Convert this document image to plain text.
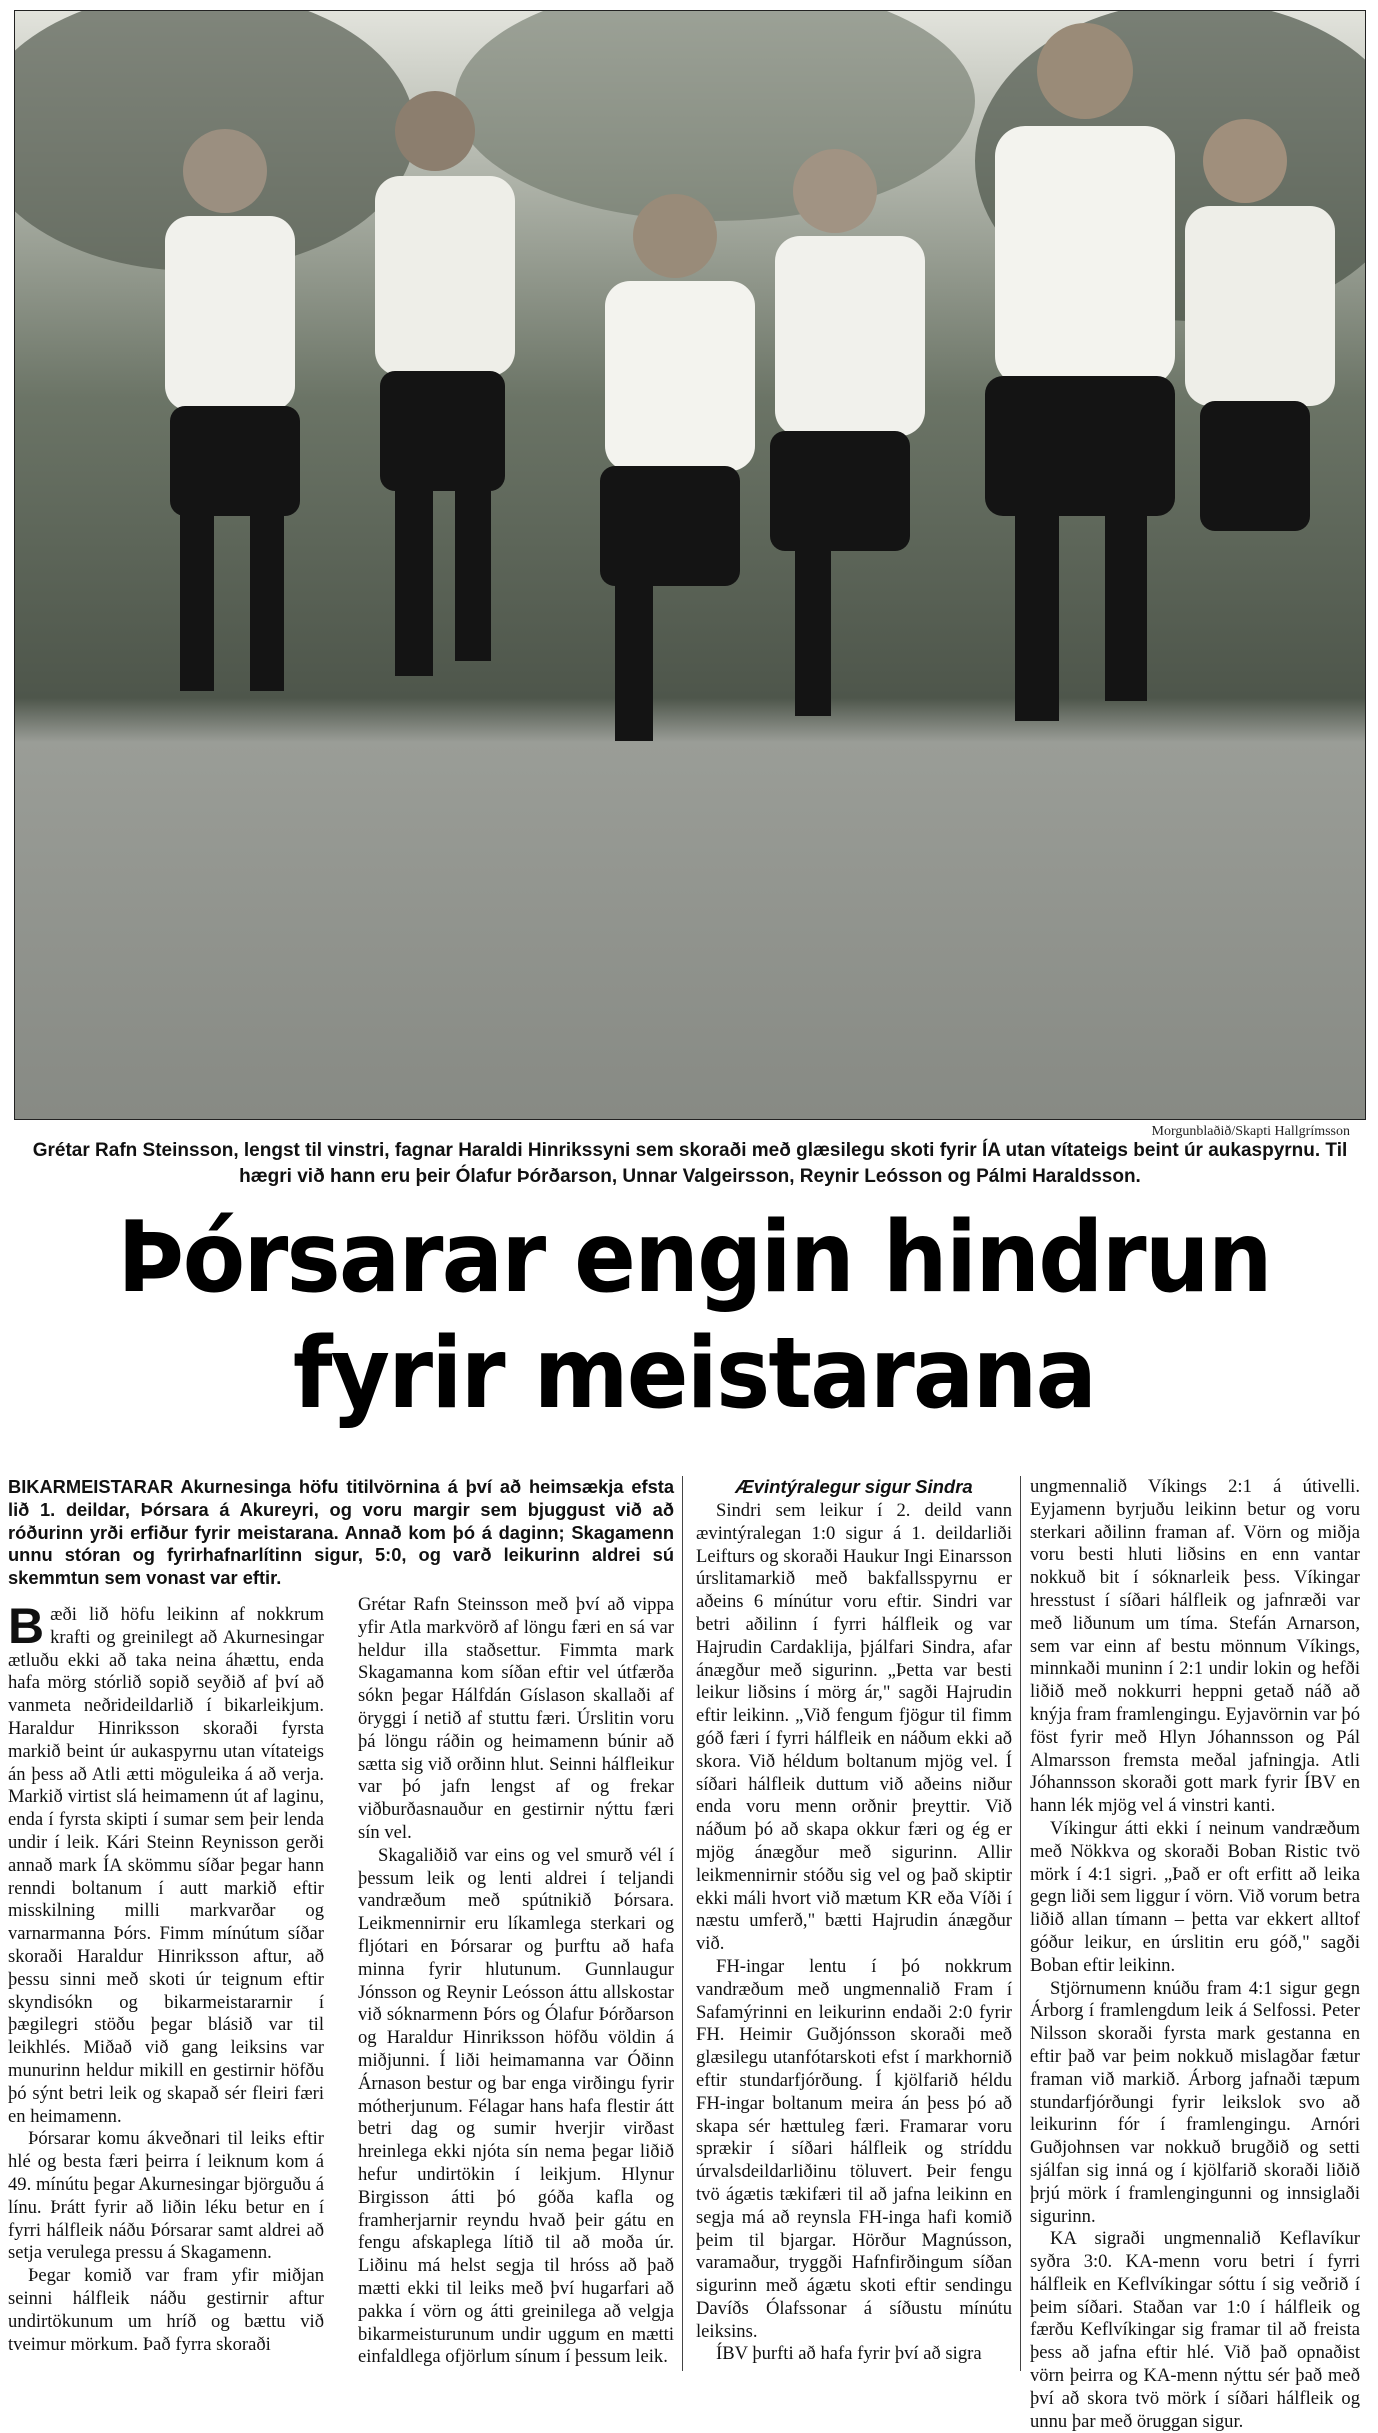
Morgunblaðið/Skapti Hallgrímsson
Grétar Rafn Steinsson, lengst til vinstri, fagnar Haraldi Hinrikssyni sem skoraði með glæsilegu skoti fyrir ÍA utan vítateigs beint úr aukaspyrnu. Til hægri við hann eru þeir Ólafur Þórðarson, Unnar Valgeirsson, Reynir Leósson og Pálmi Haraldsson.
Þórsarar engin hindrun fyrir meistarana
BIKARMEISTARAR Akurnesinga höfu titilvörnina á því að heimsækja efsta lið 1. deildar, Þórsara á Akureyri, og voru margir sem bjuggust við að róðurinn yrði erfiður fyrir meistarana. Annað kom þó á daginn; Skagamenn unnu stóran og fyrirhafnarlítinn sigur, 5:0, og varð leikurinn aldrei sú skemmtun sem vonast var eftir.

Bæði lið höfu leikinn af nokkrum krafti og greinilegt að Akurnesingar ætluðu ekki að taka neina áhættu, enda hafa mörg stórlið sopið seyðið af því að vanmeta neðrideildarlið í bikarleikjum. Haraldur Hinriksson skoraði fyrsta markið beint úr aukaspyrnu utan vítateigs án þess að Atli ætti möguleika á að verja. Markið virtist slá heimamenn út af laginu, enda í fyrsta skipti í sumar sem þeir lenda undir í leik. Kári Steinn Reynisson gerði annað mark ÍA skömmu síðar þegar hann renndi boltanum í autt markið eftir misskilning milli markvarðar og varnarmanna Þórs. Fimm mínútum síðar skoraði Haraldur Hinriksson aftur, að þessu sinni með skoti úr teignum eftir skyndisókn og bikarmeistararnir í þægilegri stöðu þegar blásið var til leikhlés. Miðað við gang leiksins var munurinn heldur mikill en gestirnir höfðu þó sýnt betri leik og skapað sér fleiri færi en heimamenn.

Þórsarar komu ákveðnari til leiks eftir hlé og besta færi þeirra í leiknum kom á 49. mínútu þegar Akurnesingar björguðu á línu. Þrátt fyrir að liðin léku betur en í fyrri hálfleik náðu Þórsarar samt aldrei að setja verulega pressu á Skagamenn.

Þegar komið var fram yfir miðjan seinni hálfleik náðu gestirnir aftur undirtökunum um hríð og bættu við tveimur mörkum. Það fyrra skoraði

Grétar Rafn Steinsson með því að vippa yfir Atla markvörð af löngu færi en sá var heldur illa staðsettur. Fimmta mark Skagamanna kom síðan eftir vel útfærða sókn þegar Hálfdán Gíslason skallaði af öryggi í netið af stuttu færi. Úrslitin voru þá löngu ráðin og heimamenn búnir að sætta sig við orðinn hlut. Seinni hálfleikur var þó jafn lengst af og frekar viðburðasnauður en gestirnir nýttu færi sín vel.

Skagaliðið var eins og vel smurð vél í þessum leik og lenti aldrei í teljandi vandræðum með spútnikið Þórsara. Leikmennirnir eru líkamlega sterkari og fljótari en Þórsarar og þurftu að hafa minna fyrir hlutunum. Gunnlaugur Jónsson og Reynir Leósson áttu allskostar við sóknarmenn Þórs og Ólafur Þórðarson og Haraldur Hinriksson höfðu völdin á miðjunni. Í liði heimamanna var Óðinn Árnason bestur og bar enga virðingu fyrir mótherjunum. Félagar hans hafa flestir átt betri dag og sumir hverjir virðast hreinlega ekki njóta sín nema þegar liðið hefur undirtökin í leikjum. Hlynur Birgisson átti þó góða kafla og framherjarnir reyndu hvað þeir gátu en fengu afskaplega lítið til að moða úr. Liðinu má helst segja til hróss að það mætti ekki til leiks með því hugarfari að pakka í vörn og átti greinilega að velgja bikarmeisturunum undir uggum en mætti einfaldlega ofjörlum sínum í þessum leik.

Ævintýralegur sigur Sindra

Sindri sem leikur í 2. deild vann ævintýralegan 1:0 sigur á 1. deildarliði Leifturs og skoraði Haukur Ingi Einarsson úrslitamarkið með bakfallsspyrnu er aðeins 6 mínútur voru eftir. Sindri var betri aðilinn í fyrri hálfleik og var Hajrudin Cardaklija, þjálfari Sindra, afar ánægður með sigurinn. „Þetta var besti leikur liðsins í mörg ár," sagði Hajrudin eftir leikinn. „Við fengum fjögur til fimm góð færi í fyrri hálfleik en náðum ekki að skora. Við héldum boltanum mjög vel. Í síðari hálfleik duttum við aðeins niður enda voru menn orðnir þreyttir. Við náðum þó að skapa okkur færi og ég er mjög ánægður með sigurinn. Allir leikmennirnir stóðu sig vel og það skiptir ekki máli hvort við mætum KR eða Víði í næstu umferð," bætti Hajrudin ánægður við.

FH-ingar lentu í þó nokkrum vandræðum með ungmennalið Fram í Safamýrinni en leikurinn endaði 2:0 fyrir FH. Heimir Guðjónsson skoraði með glæsilegu utanfótarskoti efst í markhornið eftir stundarfjórðung. Í kjölfarið héldu FH-ingar boltanum meira án þess þó að skapa sér hættuleg færi. Framarar voru sprækir í síðari hálfleik og stríddu úrvalsdeildarliðinu töluvert. Þeir fengu tvö ágætis tækifæri til að jafna leikinn en segja má að reynsla FH-inga hafi komið þeim til bjargar. Hörður Magnússon, varamaður, tryggði Hafnfirðingum síðan sigurinn með ágætu skoti eftir sendingu Davíðs Ólafssonar á síðustu mínútu leiksins.

ÍBV þurfti að hafa fyrir því að sigra

ungmennalið Víkings 2:1 á útivelli. Eyjamenn byrjuðu leikinn betur og voru sterkari aðilinn framan af. Vörn og miðja voru besti hluti liðsins en enn vantar nokkuð bit í sóknarleik þess. Víkingar hresstust í síðari hálfleik og jafnræði var með liðunum um tíma. Stefán Arnarson, sem var einn af bestu mönnum Víkings, minnkaði muninn í 2:1 undir lokin og hefði liðið með nokkurri heppni getað náð að knýja fram framlengingu. Eyjavörnin var þó föst fyrir með Hlyn Jóhannsson og Pál Almarsson fremsta meðal jafningja. Atli Jóhannsson skoraði gott mark fyrir ÍBV en hann lék mjög vel á vinstri kanti.

Víkingur átti ekki í neinum vandræðum með Nökkva og skoraði Boban Ristic tvö mörk í 4:1 sigri. „Það er oft erfitt að leika gegn liði sem liggur í vörn. Við vorum betra liðið allan tímann – þetta var ekkert alltof góður leikur, en úrslitin eru góð," sagði Boban eftir leikinn.

Stjörnumenn knúðu fram 4:1 sigur gegn Árborg í framlengdum leik á Selfossi. Peter Nilsson skoraði fyrsta mark gestanna en eftir það var þeim nokkuð mislagðar fætur framan við markið. Árborg jafnaði tæpum stundarfjórðungi fyrir leikslok svo að leikurinn fór í framlengingu. Arnóri Guðjohnsen var nokkuð brugðið og setti sjálfan sig inná og í kjölfarið skoraði liðið þrjú mörk í framlengingunni og innsiglaði sigurinn.

KA sigraði ungmennalið Keflavíkur syðra 3:0. KA-menn voru betri í fyrri hálfleik en Keflvíkingar sóttu í sig veðrið í þeim síðari. Staðan var 1:0 í hálfleik og færðu Keflvíkingar sig framar til að freista þess að jafna eftir hlé. Við það opnaðist vörn þeirra og KA-menn nýttu sér það með því að skora tvö mörk í síðari hálfleik og unnu þar með öruggan sigur.
